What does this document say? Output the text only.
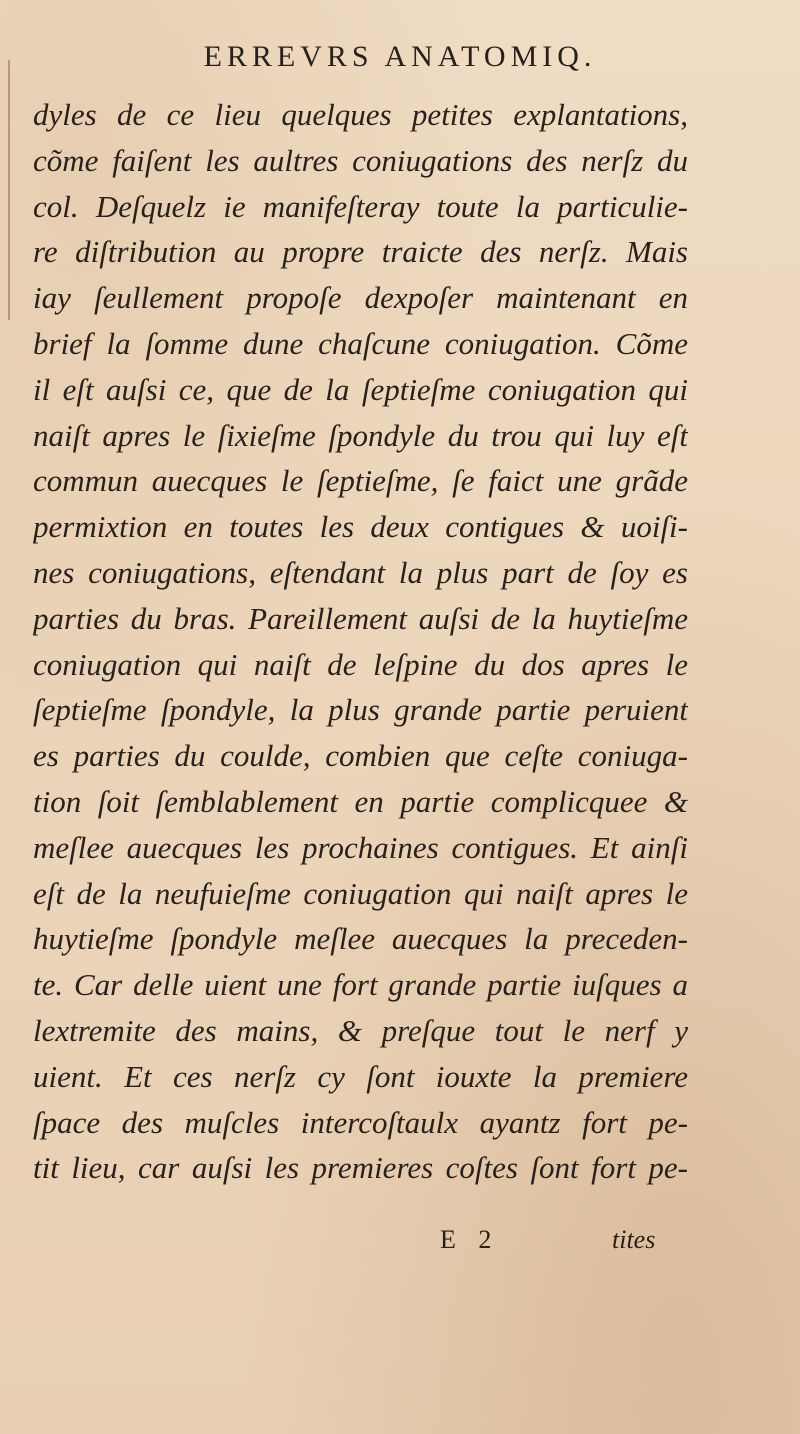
ERREVRS ANATOMIQ.
dyles de ce lieu quelques petites explantations,
cõme faiſent les aultres coniugations des nerſz du
col. Deſquelz ie manifeſteray toute la particulie-
re diſtribution au propre traicte des nerſz. Mais
iay ſeullement propoſe dexpoſer maintenant en
brief la ſomme dune chaſcune coniugation. Cõme
il eſt auſsi ce, que de la ſeptieſme coniugation qui
naiſt apres le ſixieſme ſpondyle du trou qui luy eſt
commun auecques le ſeptieſme, ſe faict une grãde
permixtion en toutes les deux contigues & uoiſi-
nes coniugations, eſtendant la plus part de ſoy es
parties du bras. Pareillement auſsi de la huytieſme
coniugation qui naiſt de leſpine du dos apres le
ſeptieſme ſpondyle, la plus grande partie peruient
es parties du coulde, combien que ceſte coniuga-
tion ſoit ſemblablement en partie complicquee &
meſlee auecques les prochaines contigues. Et ainſi
eſt de la neufuieſme coniugation qui naiſt apres le
huytieſme ſpondyle meſlee auecques la preceden-
te. Car delle uient une fort grande partie iuſques a
lextremite des mains, & preſque tout le nerf y
uient. Et ces nerſz cy ſont iouxte la premiere
ſpace des muſcles intercoſtaulx ayantz fort pe-
tit lieu, car auſsi les premieres coſtes ſont fort pe-
E 2	tites
